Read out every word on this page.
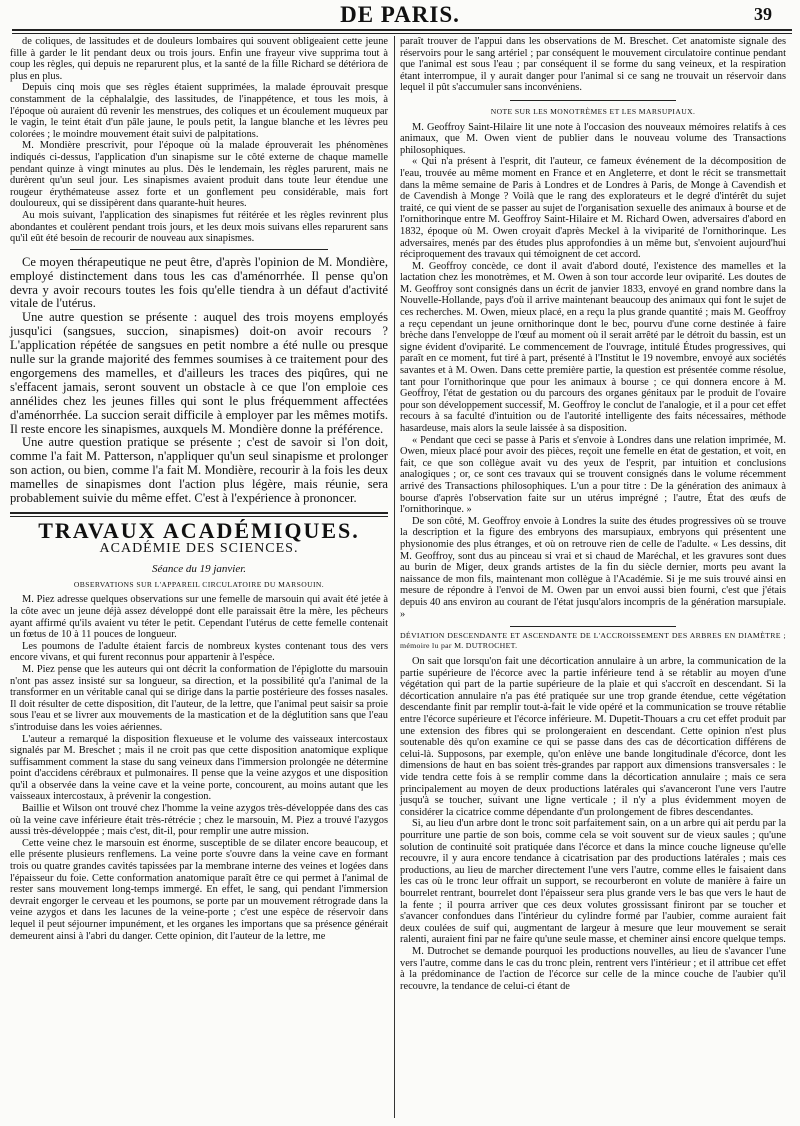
DE PARIS.	39

de coliques, de lassitudes et de douleurs lombaires qui souvent obligeaient cette jeune fille à garder le lit pendant deux ou trois jours. Enfin une frayeur vive supprima tout à coup les règles, qui depuis ne reparurent plus, et la santé de la fille Richard se détériora de plus en plus.

Depuis cinq mois que ses règles étaient supprimées, la malade éprouvait presque constamment de la céphalalgie, des lassitudes, de l'inappétence, et tous les mois, à l'époque où auraient dû revenir les menstrues, des coliques et un écoulement muqueux par le vagin, le teint était d'un pâle jaune, le pouls petit, la langue blanche et les lèvres peu colorées ; le moindre mouvement était suivi de palpitations.

M. Mondière prescrivit, pour l'époque où la malade éprouverait les phénomènes indiqués ci-dessus, l'application d'un sinapisme sur le côté externe de chaque mamelle pendant quinze à vingt minutes au plus. Dès le lendemain, les règles parurent, mais ne durèrent qu'un seul jour. Les sinapismes avaient produit dans toute leur étendue une rougeur érythémateuse assez forte et un gonflement peu considérable, mais fort douloureux, qui se dissipèrent dans quarante-huit heures.

Au mois suivant, l'application des sinapismes fut réitérée et les règles revinrent plus abondantes et coulèrent pendant trois jours, et les deux mois suivans elles reparurent sans qu'il eût été besoin de recourir de nouveau aux sinapismes.

Ce moyen thérapeutique ne peut être, d'après l'opinion de M. Mondière, employé distinctement dans tous les cas d'aménorrhée. Il pense qu'on devra y avoir recours toutes les fois qu'elle tiendra à un défaut d'activité vitale de l'utérus.

Une autre question se présente : auquel des trois moyens employés jusqu'ici (sangsues, succion, sinapismes) doit-on avoir recours ? L'application répétée de sangsues en petit nombre a été nulle ou presque nulle sur la grande majorité des femmes soumises à ce traitement pour des engorgemens des mamelles, et d'ailleurs les traces des piqûres, qui ne s'effacent jamais, seront souvent un obstacle à ce que l'on emploie ces annélides chez les jeunes filles qui sont le plus fréquemment affectées d'aménorrhée. La succion serait difficile à employer par les mêmes motifs. Il reste encore les sinapismes, auxquels M. Mondière donne la préférence.

Une autre question pratique se présente ; c'est de savoir si l'on doit, comme l'a fait M. Patterson, n'appliquer qu'un seul sinapisme et prolonger son action, ou bien, comme l'a fait M. Mondière, recourir à la fois les deux mamelles de sinapismes dont l'action plus légère, mais réunie, sera probablement suivie du même effet. C'est à l'expérience à prononcer.

TRAVAUX ACADÉMIQUES.
ACADÉMIE DES SCIENCES.
Séance du 19 janvier.
OBSERVATIONS SUR L'APPAREIL CIRCULATOIRE DU MARSOUIN.

M. Piez adresse quelques observations sur une femelle de marsouin qui avait été jetée à la côte avec un jeune déjà assez développé dont elle paraissait être la mère, les pêcheurs ayant affirmé qu'ils avaient vu téter le petit. Cependant l'utérus de cette femelle contenait un fœtus de 10 à 11 pouces de longueur.

Les poumons de l'adulte étaient farcis de nombreux kystes contenant tous des vers encore vivans, et qui furent reconnus pour appartenir à l'espèce.

M. Piez pense que les auteurs qui ont décrit la conformation de l'épiglotte du marsouin n'ont pas assez insisté sur sa longueur, sa direction, et la possibilité qu'a l'animal de la transformer en un véritable canal qui se dirige dans la partie postérieure des fosses nasales. Il doit résulter de cette disposition, dit l'auteur, de la lettre, que l'animal peut saisir sa proie sous l'eau et se livrer aux mouvements de la mastication et de la déglutition sans que l'eau s'introduise dans les voies aériennes.

L'auteur a remarqué la disposition flexueuse et le volume des vaisseaux intercostaux signalés par M. Breschet ; mais il ne croit pas que cette disposition anatomique explique suffisamment comment la stase du sang veineux dans l'immersion prolongée ne détermine point d'accidens cérébraux et pulmonaires. Il pense que la veine azygos et une disposition qu'il a observée dans la veine cave et la veine porte, concourent, au moins autant que les vaisseaux intercostaux, à prévenir la congestion.

Baillie et Wilson ont trouvé chez l'homme la veine azygos très-développée dans des cas où la veine cave inférieure était très-rétrécie ; chez le marsouin, M. Piez a trouvé l'azygos aussi très-développée ; mais c'est, dit-il, pour remplir une autre mission.

Cette veine chez le marsouin est énorme, susceptible de se dilater encore beaucoup, et elle présente plusieurs renflemens. La veine porte s'ouvre dans la veine cave en formant trois ou quatre grandes cavités tapissées par la membrane interne des veines et logées dans l'épaisseur du foie. Cette conformation anatomique paraît être ce qui permet à l'animal de rester sans mouvement long-temps immergé. En effet, le sang, qui pendant l'immersion devrait engorger le cerveau et les poumons, se porte par un mouvement rétrograde dans la veine azygos et dans les lacunes de la veine-porte ; c'est une espèce de réservoir dans lequel il peut séjourner impunément, et les organes les importans que sa présence générait demeurent ainsi à l'abri du danger. Cette opinion, dit l'auteur de la lettre, me

paraît trouver de l'appui dans les observations de M. Breschet. Cet anatomiste signale des réservoirs pour le sang artériel ; par conséquent le mouvement circulatoire continue pendant que l'animal est sous l'eau ; par conséquent il se forme du sang veineux, et la respiration étant interrompue, il y aurait danger pour l'animal si ce sang ne trouvait un réservoir dans lequel il pût s'accumuler sans inconvéniens.

NOTE SUR LES MONOTRÈMES ET LES MARSUPIAUX.

M. Geoffroy Saint-Hilaire lit une note à l'occasion des nouveaux mémoires relatifs à ces animaux, que M. Owen vient de publier dans le nouveau volume des Transactions philosophiques.

« Qui n'a présent à l'esprit, dit l'auteur, ce fameux événement de la décomposition de l'eau, trouvée au même moment en France et en Angleterre, et dont le récit se transmettait dans la même semaine de Paris à Londres et de Londres à Paris, de Monge à Cavendish et de Cavendish à Monge ? Voilà que le rang des explorateurs et le degré d'intérêt du sujet traité, ce qui vient de se passer au sujet de l'organisation sexuelle des animaux à bourse et de l'ornithorinque entre M. Geoffroy Saint-Hilaire et M. Richard Owen, adversaires d'abord en 1832, époque où M. Owen croyait d'après Meckel à la viviparité de l'ornithorinque. Les adversaires, menés par des études plus approfondies à un même but, s'envoient aujourd'hui réciproquement des travaux qui témoignent de cet accord.

M. Geoffroy concède, ce dont il avait d'abord douté, l'existence des mamelles et la lactation chez les monotrèmes, et M. Owen à son tour accorde leur oviparité. Les doutes de M. Geoffroy sont consignés dans un écrit de janvier 1833, envoyé en grand nombre dans la Nouvelle-Hollande, pays d'où il arrive maintenant beaucoup des animaux qui font le sujet de ces recherches. M. Owen, mieux placé, en a reçu la plus grande quantité ; mais M. Geoffroy a reçu cependant un jeune ornithorinque dont le bec, pourvu d'une corne destinée à faire brèche dans l'enveloppe de l'œuf au moment où il serait arrêté par le détroit du bassin, est un signe évident d'oviparité. Le commencement de l'ouvrage, intitulé Études progressives, qui paraît en ce moment, fut tiré à part, présenté à l'Institut le 19 novembre, envoyé aux sociétés savantes et à M. Owen. Dans cette première partie, la question est présentée comme résolue, tant pour l'ornithorinque que pour les animaux à bourse ; ce qui donnera encore à M. Geoffroy, l'état de gestation ou du parcours des organes génitaux par le produit de l'ovaire pour son développement successif, M. Geoffroy le conclut de l'analogie, et il a pour cet effet recours à sa faculté d'intuition ou de l'autorité intelligente des faits nécessaires, méthode hasardeuse, mais alors la seule laissée à sa disposition.

« Pendant que ceci se passe à Paris et s'envoie à Londres dans une relation imprimée, M. Owen, mieux placé pour avoir des pièces, reçoit une femelle en état de gestation, et voit, en fait, ce que son collègue avait vu des yeux de l'esprit, par intuition et conclusions analogiques ; or, ce sont ces travaux qui se trouvent consignés dans le volume récemment arrivé des Transactions philosophiques. L'un a pour titre : De la génération des animaux à bourse d'après l'observation faite sur un utérus imprégné ; l'autre, État des œufs de l'ornithorinque. »

De son côté, M. Geoffroy envoie à Londres la suite des études progressives où se trouve la description et la figure des embryons des marsupiaux, embryons qui présentent une physionomie des plus étranges, et où on retrouve rien de celle de l'adulte. « Les dessins, dit M. Geoffroy, sont dus au pinceau si vrai et si chaud de Maréchal, et les gravures sont dues au burin de Miger, deux grands artistes de la fin du siècle dernier, morts peu avant la naissance de mon fils, maintenant mon collègue à l'Académie. Si je me suis trouvé ainsi en mesure de répondre à l'envoi de M. Owen par un envoi aussi bien fourni, c'est que j'étais depuis 40 ans environ au courant de l'état jusqu'alors incompris de la génération marsupiale. »

DÉVIATION DESCENDANTE ET ASCENDANTE DE L'ACCROISSEMENT DES ARBRES EN DIAMÈTRE ; mémoire lu par M. DUTROCHET.

On sait que lorsqu'on fait une décortication annulaire à un arbre, la communication de la partie supérieure de l'écorce avec la partie inférieure tend à se rétablir au moyen d'une végétation qui part de la partie supérieure de la plaie et qui s'accroît en descendant. Si la décortication annulaire n'a pas été pratiquée sur une trop grande étendue, cette végétation descendante finit par remplir tout-à-fait le vide opéré et la communication se trouve rétablie entre l'écorce supérieure et l'écorce inférieure. M. Dupetit-Thouars a cru cet effet produit par une extension des fibres qui se prolongeraient en descendant. Cette opinion n'est plus soutenable dès qu'on examine ce qui se passe dans des cas de décortication différens de celui-là. Supposons, par exemple, qu'on enlève une bande longitudinale d'écorce, dont les dimensions de haut en bas soient très-grandes par rapport aux dimensions transversales : le vide tendra cette fois à se remplir comme dans la décortication annulaire ; mais ce sera principalement au moyen de deux productions latérales qui s'avanceront l'une vers l'autre jusqu'à se toucher, suivant une ligne verticale ; il n'y a plus évidemment moyen de considérer la cicatrice comme dépendante d'un prolongement de fibres descendantes.

Si, au lieu d'un arbre dont le tronc soit parfaitement sain, on a un arbre qui ait perdu par la pourriture une partie de son bois, comme cela se voit souvent sur de vieux saules ; qu'une solution de continuité soit pratiquée dans l'écorce et dans la mince couche ligneuse qu'elle recouvre, il y aura encore tendance à cicatrisation par des productions latérales ; mais ces productions, au lieu de marcher directement l'une vers l'autre, comme elles le faisaient dans les cas où le tronc leur offrait un support, se recourberont en volute de manière à faire un bourrelet rentrant, bourrelet dont l'épaisseur sera plus grande vers le bas que vers le haut de la fente ; il pourra arriver que ces deux volutes grossissant finiront par se toucher et s'avancer confondues dans l'intérieur du cylindre formé par l'aubier, comme auraient fait deux coulées de suif qui, augmentant de largeur à mesure que leur mouvement se serait ralenti, auraient fini par ne faire qu'une seule masse, et cheminer ainsi encore quelque temps.

M. Dutrochet se demande pourquoi les productions nouvelles, au lieu de s'avancer l'une vers l'autre, comme dans le cas du tronc plein, rentrent vers l'intérieur ; et il attribue cet effet à la prédominance de l'action de l'écorce sur celle de la mince couche de l'aubier qu'il recouvre, la tendance de celui-ci étant de
